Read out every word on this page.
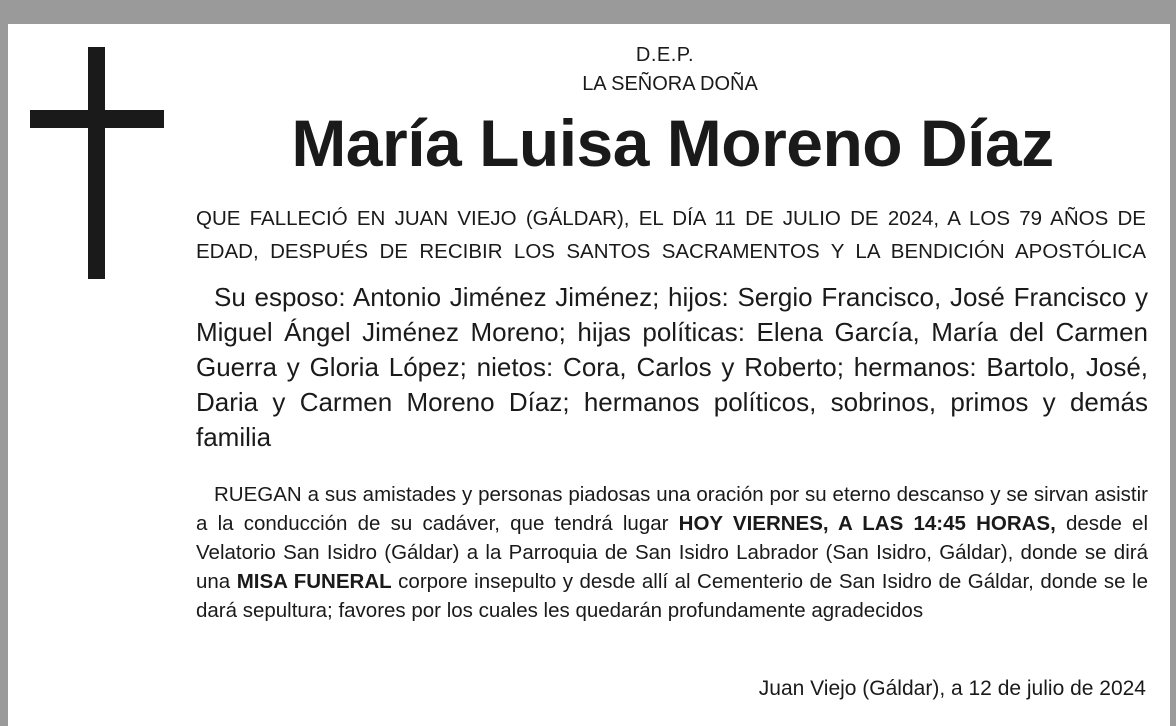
D.E.P.
LA SEÑORA DOÑA
María Luisa Moreno Díaz
QUE FALLECIÓ EN JUAN VIEJO (GÁLDAR), EL DÍA 11 DE JULIO DE 2024, A LOS 79 AÑOS DE
EDAD, DESPUÉS DE RECIBIR LOS SANTOS SACRAMENTOS Y LA BENDICIÓN APOSTÓLICA
Su esposo: Antonio Jiménez Jiménez; hijos: Sergio Francisco, José Francisco y Miguel Ángel Jiménez Moreno; hijas políticas: Elena García, María del Carmen Guerra y Gloria López; nietos: Cora, Carlos y Roberto; hermanos: Bartolo, José, Daria y Carmen Moreno Díaz; hermanos políticos, sobrinos, primos y demás familia
RUEGAN a sus amistades y personas piadosas una oración por su eterno descanso y se sirvan asistir a la conducción de su cadáver, que tendrá lugar HOY VIERNES, A LAS 14:45 HORAS, desde el Velatorio San Isidro (Gáldar) a la Parroquia de San Isidro Labrador (San Isidro, Gáldar), donde se dirá una MISA FUNERAL corpore insepulto y desde allí al Cementerio de San Isidro de Gáldar, donde se le dará sepultura; favores por los cuales les quedarán profundamente agradecidos
Juan Viejo (Gáldar), a 12 de julio de 2024
